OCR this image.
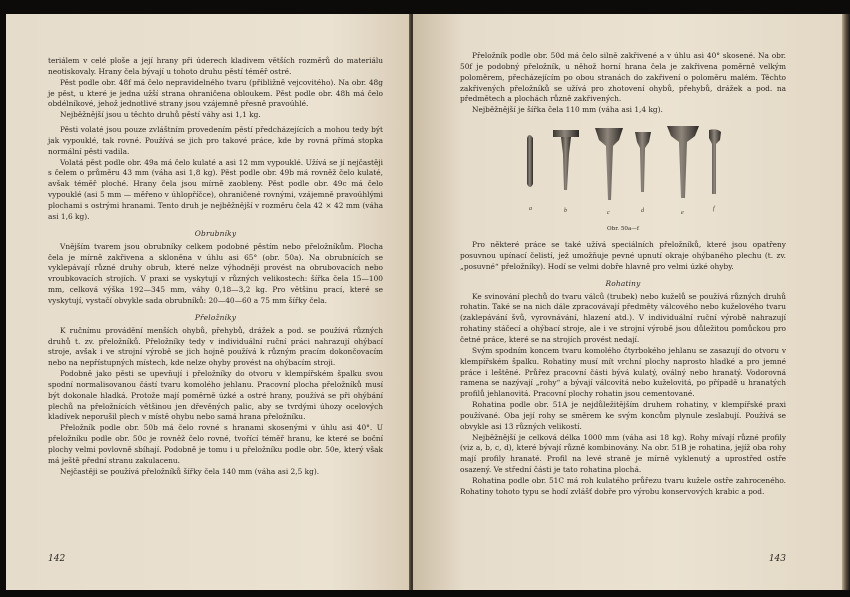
teriálem v celé ploše a její hrany při úderech kladivem větších rozměrů do materiálu neotiskovaly. Hrany čela bývají u tohoto druhu pěstí téměř ostré.

Pěst podle obr. 48f má čelo nepravidelného tvaru (přibližně vejcovitého). Na obr. 48g je pěst, u které je jedna užší strana ohraničena obloukem. Pěst podle obr. 48h má čelo obdélníkové, jehož jednotlivé strany jsou vzájemně přesně pravoúhlé.

Nejběžnější jsou u těchto druhů pěstí váhy asi 1,1 kg.

Pěsti volaté jsou pouze zvláštním provedením pěstí předcházejících a mohou tedy být jak vypouklé, tak rovné. Používá se jich pro takové práce, kde by rovná přímá stopka normální pěsti vadila.

Volatá pěst podle obr. 49a má čelo kulaté a asi 12 mm vypouklé. Užívá se jí nejčastěji s čelem o průměru 43 mm (váha asi 1,8 kg). Pěst podle obr. 49b má rovněž čelo kulaté, avšak téměř ploché. Hrany čela jsou mírně zaobleny. Pěst podle obr. 49c má čelo vypouklé (asi 5 mm — měřeno v úhlopříčce), ohraničené rovnými, vzájemně pravoúhlými plochami s ostrými hranami. Tento druh je nejběžnější v rozměru čela 42 × 42 mm (váha asi 1,6 kg).

Obrubníky

Vnějším tvarem jsou obrubníky celkem podobné pěstím nebo přeložníkům. Plocha čela je mírně zakřivena a skloněna v úhlu asi 65° (obr. 50a). Na obrubnících se vyklepávají různé druhy obrub, které nelze výhodněji provést na obrubovacích nebo vroubkovacích strojích. V praxi se vyskytují v různých velikostech: šířka čela 15—100 mm, celková výška 192—345 mm, váhy 0,18—3,2 kg. Pro většinu prací, které se vyskytují, vystačí obvykle sada obrubníků: 20—40—60 a 75 mm šířky čela.

Přeložníky

K ručnímu provádění menších ohybů, přehybů, drážek a pod. se používá různých druhů t. zv. přeložníků. Přeložníky tedy v individuální ruční práci nahrazují ohýbací stroje, avšak i ve strojní výrobě se jich hojně používá k různým pracím dokončovacím nebo na nepřístupných místech, kde nelze ohyby provést na ohýbacím stroji.

Podobně jako pěsti se upevňují i přeložníky do otvoru v klempířském špalku svou spodní normalisovanou částí tvaru komolého jehlanu. Pracovní plocha přeložníků musí být dokonale hladká. Protože mají poměrně úzké a ostré hrany, používá se při ohýbání plechů na přeložnících většinou jen dřevěných palic, aby se tvrdými úhozy ocelových kladívek neporušil plech v místě ohybu nebo samá hrana přeložníku.

Přeložník podle obr. 50b má čelo rovné s hranami skosenými v úhlu asi 40°. U přeložníku podle obr. 50c je rovněž čelo rovné, tvořící téměř hranu, ke které se boční plochy velmi povlovně sbíhají. Podobně je tomu i u přeložníku podle obr. 50e, který však má ještě přední stranu zakulacenu.

Nejčastěji se používá přeložníků šířky čela 140 mm (váha asi 2,5 kg).

142

Přeložník podle obr. 50d má čelo silně zakřivené a v úhlu asi 40° skosené. Na obr. 50f je podobný přeložník, u něhož horní hrana čela je zakřivena poměrně velkým poloměrem, přecházejícím po obou stranách do zakřivení o poloměru malém. Těchto zakřivených přeložníků se užívá pro zhotovení ohybů, přehybů, drážek a pod. na předmětech a plochách různě zakřivených.

Nejběžnější je šířka čela 110 mm (váha asi 1,4 kg).

a	b	c	d	e
f
Obr. 50a—f

Pro některé práce se také užívá speciálních přeložníků, které jsou opatřeny posuvnou upínací čelistí, jež umožňuje pevné upnutí okraje ohýbaného plechu (t. zv. „posuvné“ přeložníky). Hodí se velmi dobře hlavně pro velmi úzké ohyby.

Rohatiny

Ke svinování plechů do tvaru válců (trubek) nebo kuželů se používá různých druhů rohatin. Také se na nich dále zpracovávají předměty válcového nebo kuželového tvaru (zaklepávání švů, vyrovnávání, hlazení atd.). V individuální ruční výrobě nahrazují rohatiny stáčecí a ohýbací stroje, ale i ve strojní výrobě jsou důležitou pomůckou pro četné práce, které se na strojích provést nedají.

Svým spodním koncem tvaru komolého čtyrbokého jehlanu se zasazují do otvoru v klempířském špalku. Rohatiny musí mít vrchní plochy naprosto hladké a pro jemné práce i leštěné. Průřez pracovní části bývá kulatý, oválný nebo hranatý. Vodorovná ramena se nazývají „rohy“ a bývají válcovitá nebo kuželovitá, po případě u hranatých profilů jehlanovitá. Pracovní plochy rohatin jsou cementované.

Rohatina podle obr. 51A je nejdůležitějším druhem rohatiny, v klempířské praxi používané. Oba její rohy se směrem ke svým koncům plynule zeslabují. Používá se obvykle asi 13 různých velikostí.

Nejběžnější je celková délka 1000 mm (váha asi 18 kg). Rohy mívají různé profily (viz a, b, c, d), které bývají různě kombinovány. Na obr. 51B je rohatina, jejíž oba rohy mají profily hranaté. Profil na levé straně je mírně vyklenutý a uprostřed ostře osazený. Ve střední části je tato rohatina plochá.

Rohatina podle obr. 51C má roh kulatého průřezu tvaru kužele ostře zahroceného. Rohatiny tohoto typu se hodí zvlášť dobře pro výrobu konservových krabic a pod.

143
